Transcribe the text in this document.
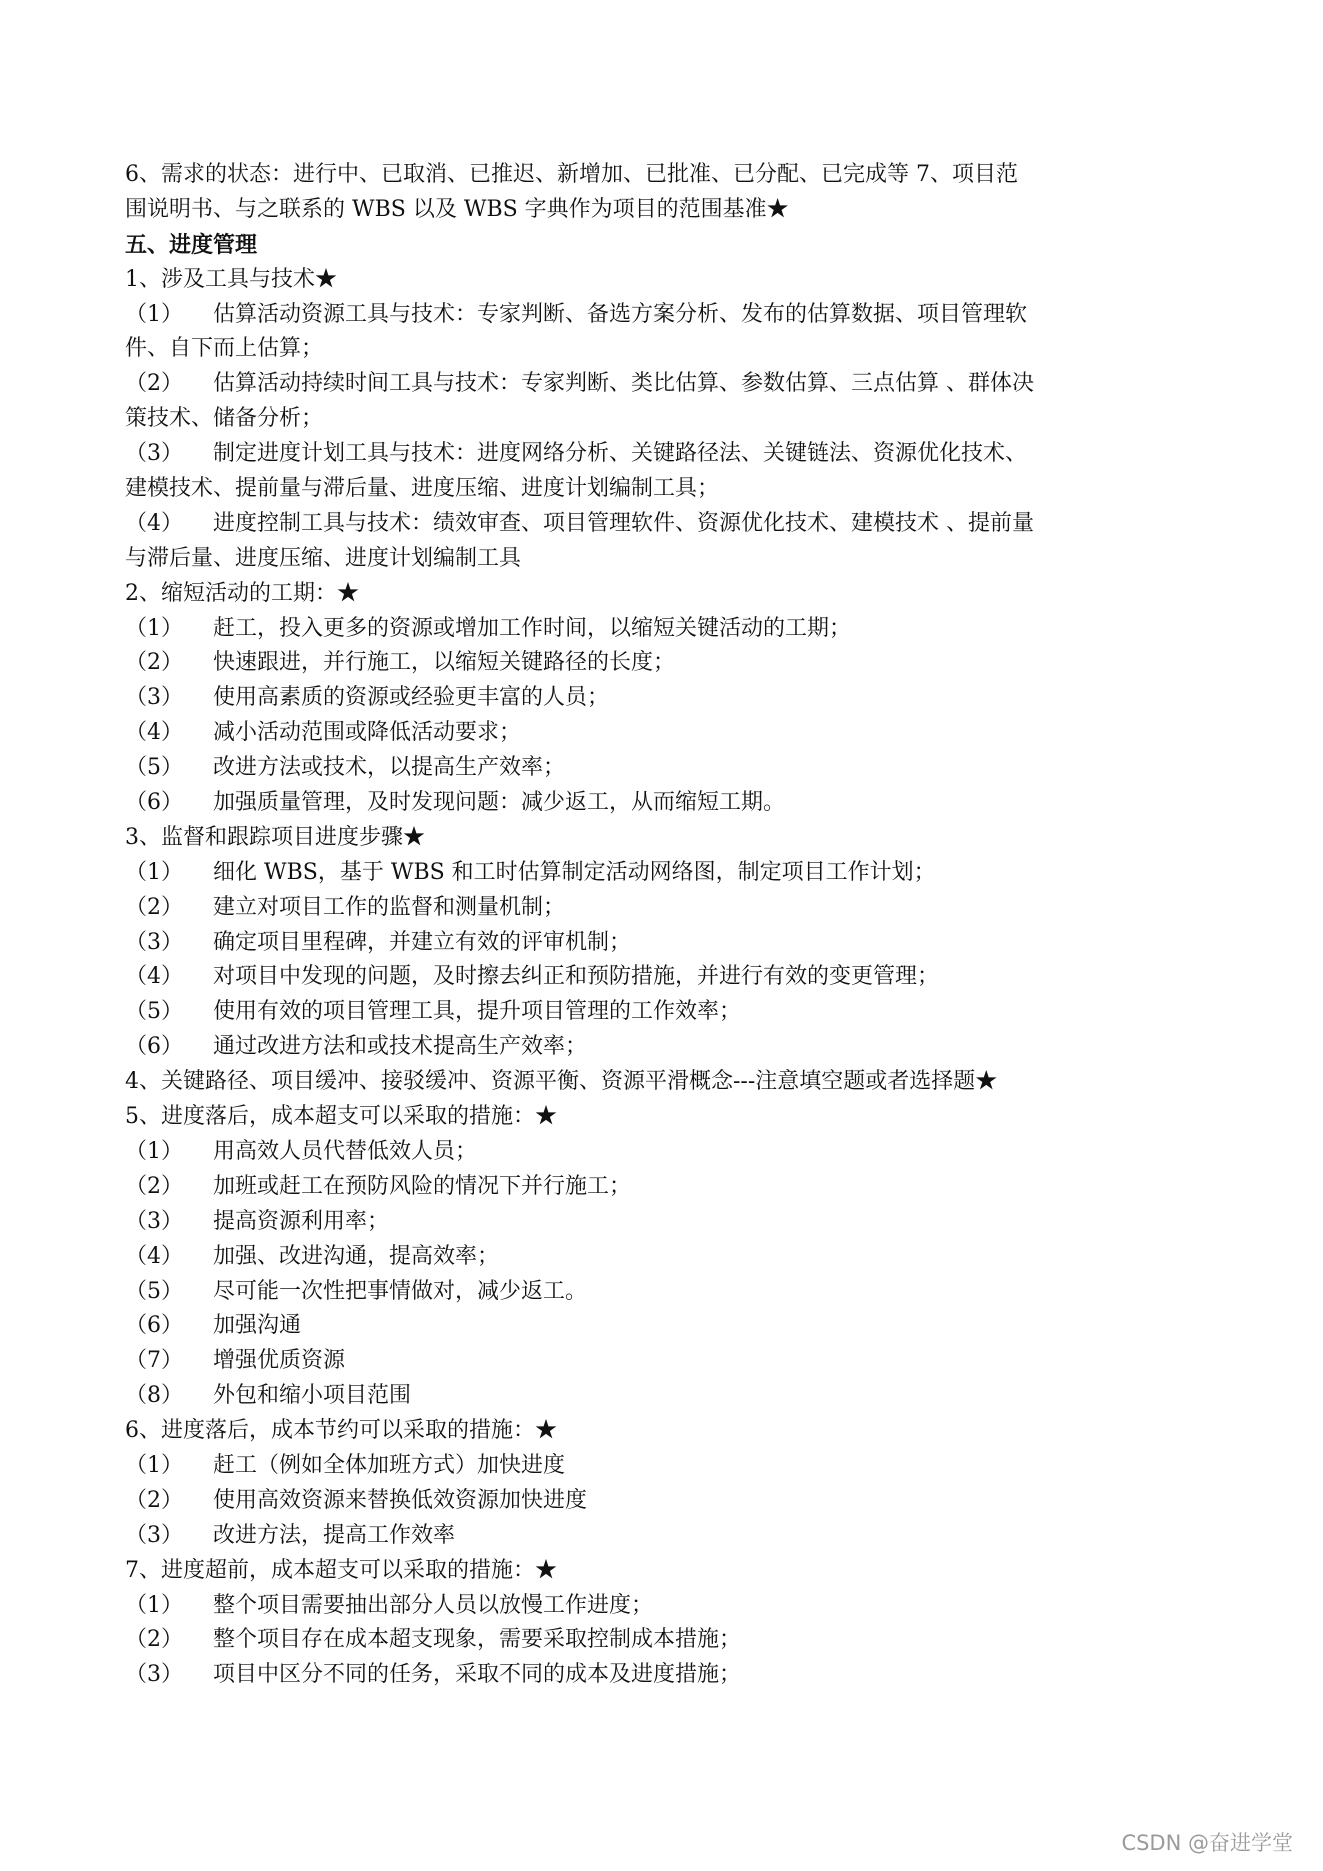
6、需求的状态：进行中、已取消、已推迟、新增加、已批准、已分配、已完成等 7、项目范
围说明书、与之联系的 WBS 以及 WBS 字典作为项目的范围基准★
五、进度管理
1、涉及工具与技术★
（1）	估算活动资源工具与技术：专家判断、备选方案分析、发布的估算数据、项目管理软
件、自下而上估算；
（2）	估算活动持续时间工具与技术：专家判断、类比估算、参数估算、三点估算 、群体决
策技术、储备分析；
（3）	制定进度计划工具与技术：进度网络分析、关键路径法、关键链法、资源优化技术、
建模技术、提前量与滞后量、进度压缩、进度计划编制工具；
（4）	进度控制工具与技术：绩效审查、项目管理软件、资源优化技术、建模技术 、提前量
与滞后量、进度压缩、进度计划编制工具
2、缩短活动的工期：★
（1）	赶工，投入更多的资源或增加工作时间，以缩短关键活动的工期；
（2）	快速跟进，并行施工，以缩短关键路径的长度；
（3）	使用高素质的资源或经验更丰富的人员；
（4）	减小活动范围或降低活动要求；
（5）	改进方法或技术，以提高生产效率；
（6）	加强质量管理，及时发现问题：减少返工，从而缩短工期。
3、监督和跟踪项目进度步骤★
（1）	细化 WBS，基于 WBS 和工时估算制定活动网络图，制定项目工作计划；
（2）	建立对项目工作的监督和测量机制；
（3）	确定项目里程碑，并建立有效的评审机制；
（4）	对项目中发现的问题，及时擦去纠正和预防措施，并进行有效的变更管理；
（5）	使用有效的项目管理工具，提升项目管理的工作效率；
（6）	通过改进方法和或技术提高生产效率；
4、关键路径、项目缓冲、接驳缓冲、资源平衡、资源平滑概念---注意填空题或者选择题★
5、进度落后，成本超支可以采取的措施：★
（1）	用高效人员代替低效人员；
（2）	加班或赶工在预防风险的情况下并行施工；
（3）	提高资源利用率；
（4）	加强、改进沟通，提高效率；
（5）	尽可能一次性把事情做对，减少返工。
（6）	加强沟通
（7）	增强优质资源
（8）	外包和缩小项目范围
6、进度落后，成本节约可以采取的措施：★
（1）	赶工（例如全体加班方式）加快进度
（2）	使用高效资源来替换低效资源加快进度
（3）	改进方法，提高工作效率
7、进度超前，成本超支可以采取的措施：★
（1）	整个项目需要抽出部分人员以放慢工作进度；
（2）	整个项目存在成本超支现象，需要采取控制成本措施；
（3）	项目中区分不同的任务，采取不同的成本及进度措施；
CSDN @奋进学堂
